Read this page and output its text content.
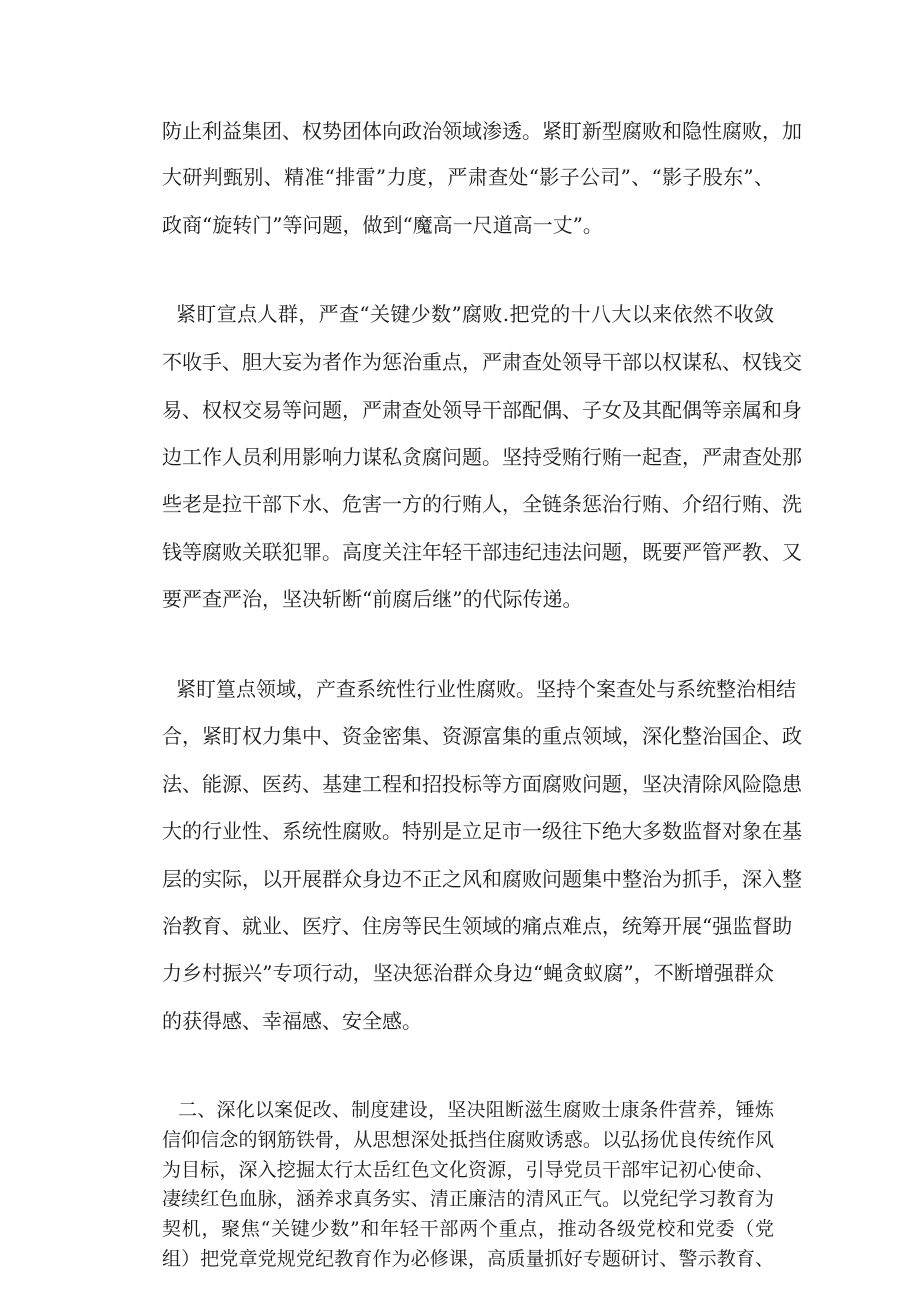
防止利益集团、权势团体向政治领域渗透。紧盯新型腐败和隐性腐败，加
大研判甄别、精准“排雷”力度，严肃查处“影子公司”、“影子股东”、
政商“旋转门”等问题，做到“魔高一尺道高一丈”。
紧盯宣点人群，严查“关键少数”腐败.把党的十八大以来依然不收敛
不收手、胆大妄为者作为惩治重点，严肃查处领导干部以权谋私、权钱交
易、权权交易等问题，严肃查处领导干部配偶、子女及其配偶等亲属和身
边工作人员利用影响力谋私贪腐问题。坚持受贿行贿一起查，严肃查处那
些老是拉干部下水、危害一方的行贿人，全链条惩治行贿、介绍行贿、洗
钱等腐败关联犯罪。高度关注年轻干部违纪违法问题，既要严管严教、又
要严查严治，坚决斩断“前腐后继”的代际传递。
紧盯篁点领域，产查系统性行业性腐败。坚持个案查处与系统整治相结
合，紧盯权力集中、资金密集、资源富集的重点领域，深化整治国企、政
法、能源、医药、基建工程和招投标等方面腐败问题，坚决清除风险隐患
大的行业性、系统性腐败。特别是立足市一级往下绝大多数监督对象在基
层的实际，以开展群众身边不正之风和腐败问题集中整治为抓手，深入整
治教育、就业、医疗、住房等民生领域的痛点难点，统筹开展“强监督助
力乡村振兴”专项行动，坚决惩治群众身边“蝇贪蚁腐”，不断增强群众
的获得感、幸福感、安全感。
二、深化以案促改、制度建设，坚决阻断滋生腐败士康条件营养，锤炼
信仰信念的钢筋铁骨，从思想深处抵挡住腐败诱惑。以弘扬优良传统作风
为目标，深入挖掘太行太岳红色文化资源，引导党员干部牢记初心使命、
凄续红色血脉，涵养求真务实、清正廉洁的清风正气。以党纪学习教育为
契机，聚焦“关键少数”和年轻干部两个重点，推动各级党校和党委（党
组）把党章党规党纪教育作为必修课，高质量抓好专题研讨、警示教育、
